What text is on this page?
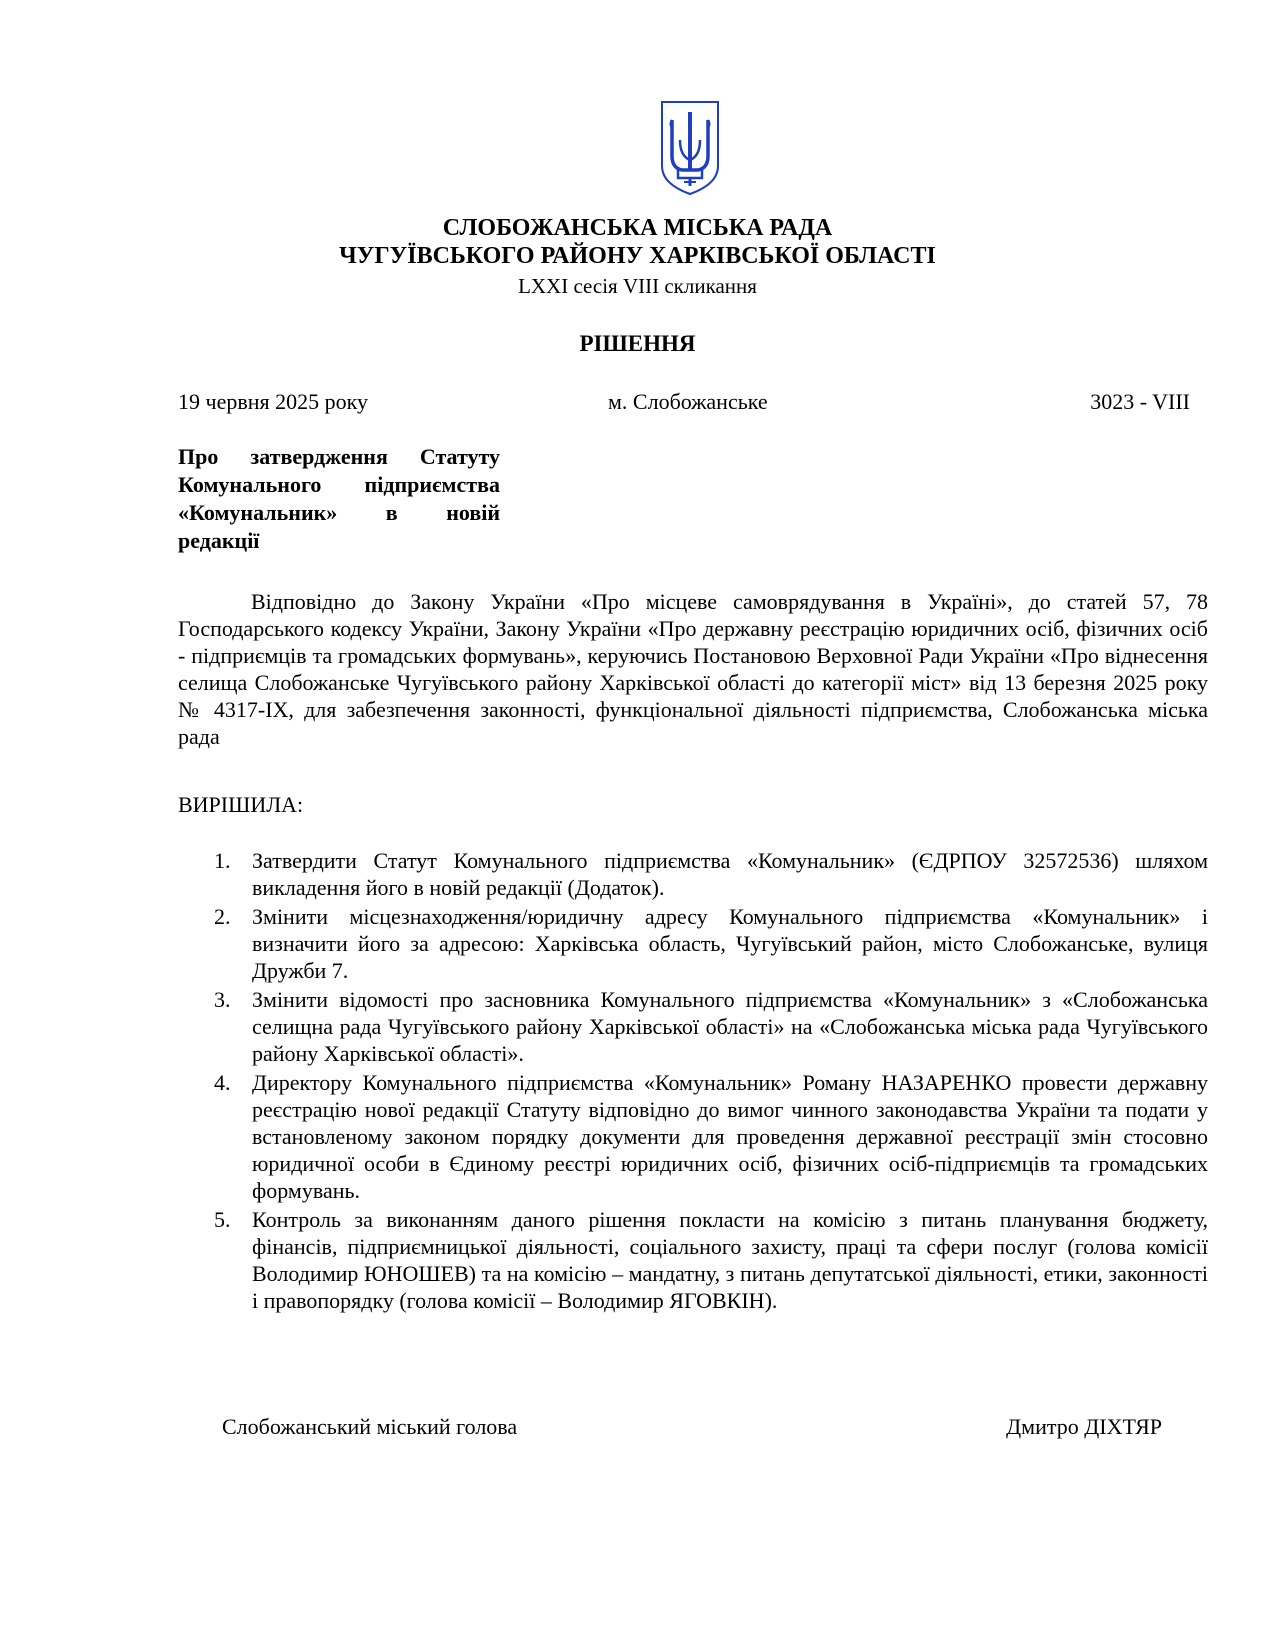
СЛОБОЖАНСЬКА МІСЬКА РАДА
ЧУГУЇВСЬКОГО РАЙОНУ ХАРКІВСЬКОЇ ОБЛАСТІ
LXXI сесія VIII скликання
РІШЕННЯ
19 червня 2025 року	м. Слобожанське	3023 - VIII
Про затвердження Статуту
Комунального підприємства
«Комунальник» в новій
редакції
Відповідно до Закону України «Про місцеве самоврядування в Україні», до статей 57, 78 Господарського кодексу України, Закону України «Про державну реєстрацію юридичних осіб, фізичних осіб - підприємців та громадських формувань», керуючись Постановою Верховної Ради України «Про віднесення селища Слобожанське Чугуївського району Харківської області до категорії міст» від 13 березня 2025 року № 4317-ІХ, для забезпечення законності, функціональної діяльності підприємства, Слобожанська міська рада
ВИРІШИЛА:
1. Затвердити Статут Комунального підприємства «Комунальник» (ЄДРПОУ 32572536) шляхом викладення його в новій редакції (Додаток).
2. Змінити місцезнаходження/юридичну адресу Комунального підприємства «Комунальник» і визначити його за адресою: Харківська область, Чугуївський район, місто Слобожанське, вулиця Дружби 7.
3. Змінити відомості про засновника Комунального підприємства «Комунальник» з «Слобожанська селищна рада Чугуївського району Харківської області» на «Слобожанська міська рада Чугуївського району Харківської області».
4. Директору Комунального підприємства «Комунальник» Роману НАЗАРЕНКО провести державну реєстрацію нової редакції Статуту відповідно до вимог чинного законодавства України та подати у встановленому законом порядку документи для проведення державної реєстрації змін стосовно юридичної особи в Єдиному реєстрі юридичних осіб, фізичних осіб-підприємців та громадських формувань.
5. Контроль за виконанням даного рішення покласти на комісію з питань планування бюджету, фінансів, підприємницької діяльності, соціального захисту, праці та сфери послуг (голова комісії Володимир ЮНОШЕВ) та на комісію – мандатну, з питань депутатської діяльності, етики, законності і правопорядку (голова комісії – Володимир ЯГОВКІН).
Слобожанський міський голова	Дмитро ДІХТЯР
